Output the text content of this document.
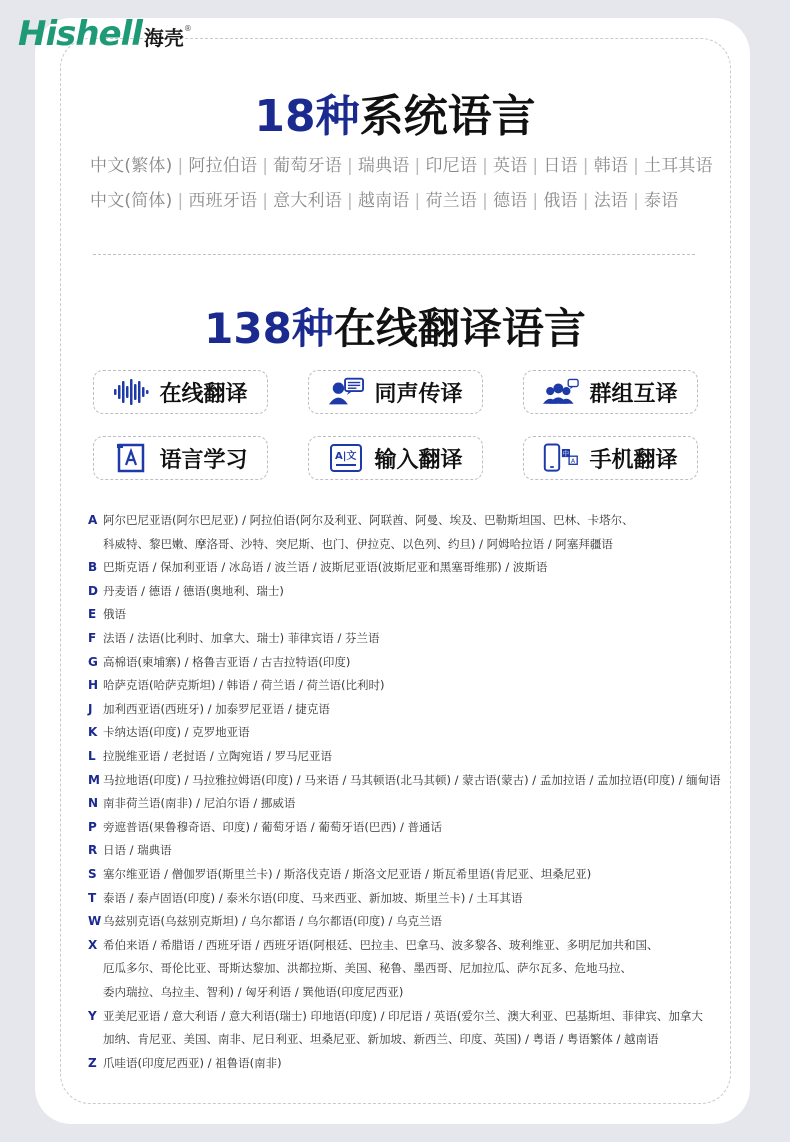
Hishell 海壳 ®
18种系统语言
中文(繁体) | 阿拉伯语 | 葡萄牙语 | 瑞典语 | 印尼语 | 英语 | 日语 | 韩语 | 土耳其语
中文(简体) | 西班牙语 | 意大利语 | 越南语 | 荷兰语 | 德语 | 俄语 | 法语 | 泰语
138种在线翻译语言
在线翻译	同声传译	群组互译
语言学习	A|文 输入翻译	中
A 手机翻译
A 阿尔巴尼亚语(阿尔巴尼亚) / 阿拉伯语(阿尔及利亚、阿联酋、阿曼、埃及、巴勒斯坦国、巴林、卡塔尔、
科威特、黎巴嫩、摩洛哥、沙特、突尼斯、也门、伊拉克、以色列、约旦) / 阿姆哈拉语 / 阿塞拜疆语
B 巴斯克语 / 保加利亚语 / 冰岛语 / 波兰语 / 波斯尼亚语(波斯尼亚和黑塞哥维那) / 波斯语
D 丹麦语 / 德语 / 德语(奥地利、瑞士)
E 俄语
F 法语 / 法语(比利时、加拿大、瑞士) 菲律宾语 / 芬兰语
G 高棉语(柬埔寨) / 格鲁吉亚语 / 古吉拉特语(印度)
H 哈萨克语(哈萨克斯坦) / 韩语 / 荷兰语 / 荷兰语(比利时)
J 加利西亚语(西班牙) / 加泰罗尼亚语 / 捷克语
K 卡纳达语(印度) / 克罗地亚语
L 拉脱维亚语 / 老挝语 / 立陶宛语 / 罗马尼亚语
M 马拉地语(印度) / 马拉雅拉姆语(印度) / 马来语 / 马其顿语(北马其顿) / 蒙古语(蒙古) / 孟加拉语 / 孟加拉语(印度) / 缅甸语
N 南非荷兰语(南非) / 尼泊尔语 / 挪威语
P 旁遮普语(果鲁穆奇语、印度) / 葡萄牙语 / 葡萄牙语(巴西) / 普通话
R 日语 / 瑞典语
S 塞尔维亚语 / 僧伽罗语(斯里兰卡) / 斯洛伐克语 / 斯洛文尼亚语 / 斯瓦希里语(肯尼亚、坦桑尼亚)
T 泰语 / 泰卢固语(印度) / 泰米尔语(印度、马来西亚、新加坡、斯里兰卡) / 土耳其语
W 乌兹别克语(乌兹别克斯坦) / 乌尔都语 / 乌尔都语(印度) / 乌克兰语
X 希伯来语 / 希腊语 / 西班牙语 / 西班牙语(阿根廷、巴拉圭、巴拿马、波多黎各、玻利维亚、多明尼加共和国、
厄瓜多尔、哥伦比亚、哥斯达黎加、洪都拉斯、美国、秘鲁、墨西哥、尼加拉瓜、萨尔瓦多、危地马拉、
委内瑞拉、乌拉圭、智利) / 匈牙利语 / 巽他语(印度尼西亚)
Y 亚美尼亚语 / 意大利语 / 意大利语(瑞士) 印地语(印度) / 印尼语 / 英语(爱尔兰、澳大利亚、巴基斯坦、菲律宾、加拿大
加纳、肯尼亚、美国、南非、尼日利亚、坦桑尼亚、新加坡、新西兰、印度、英国) / 粤语 / 粤语繁体 / 越南语
Z 爪哇语(印度尼西亚) / 祖鲁语(南非)
